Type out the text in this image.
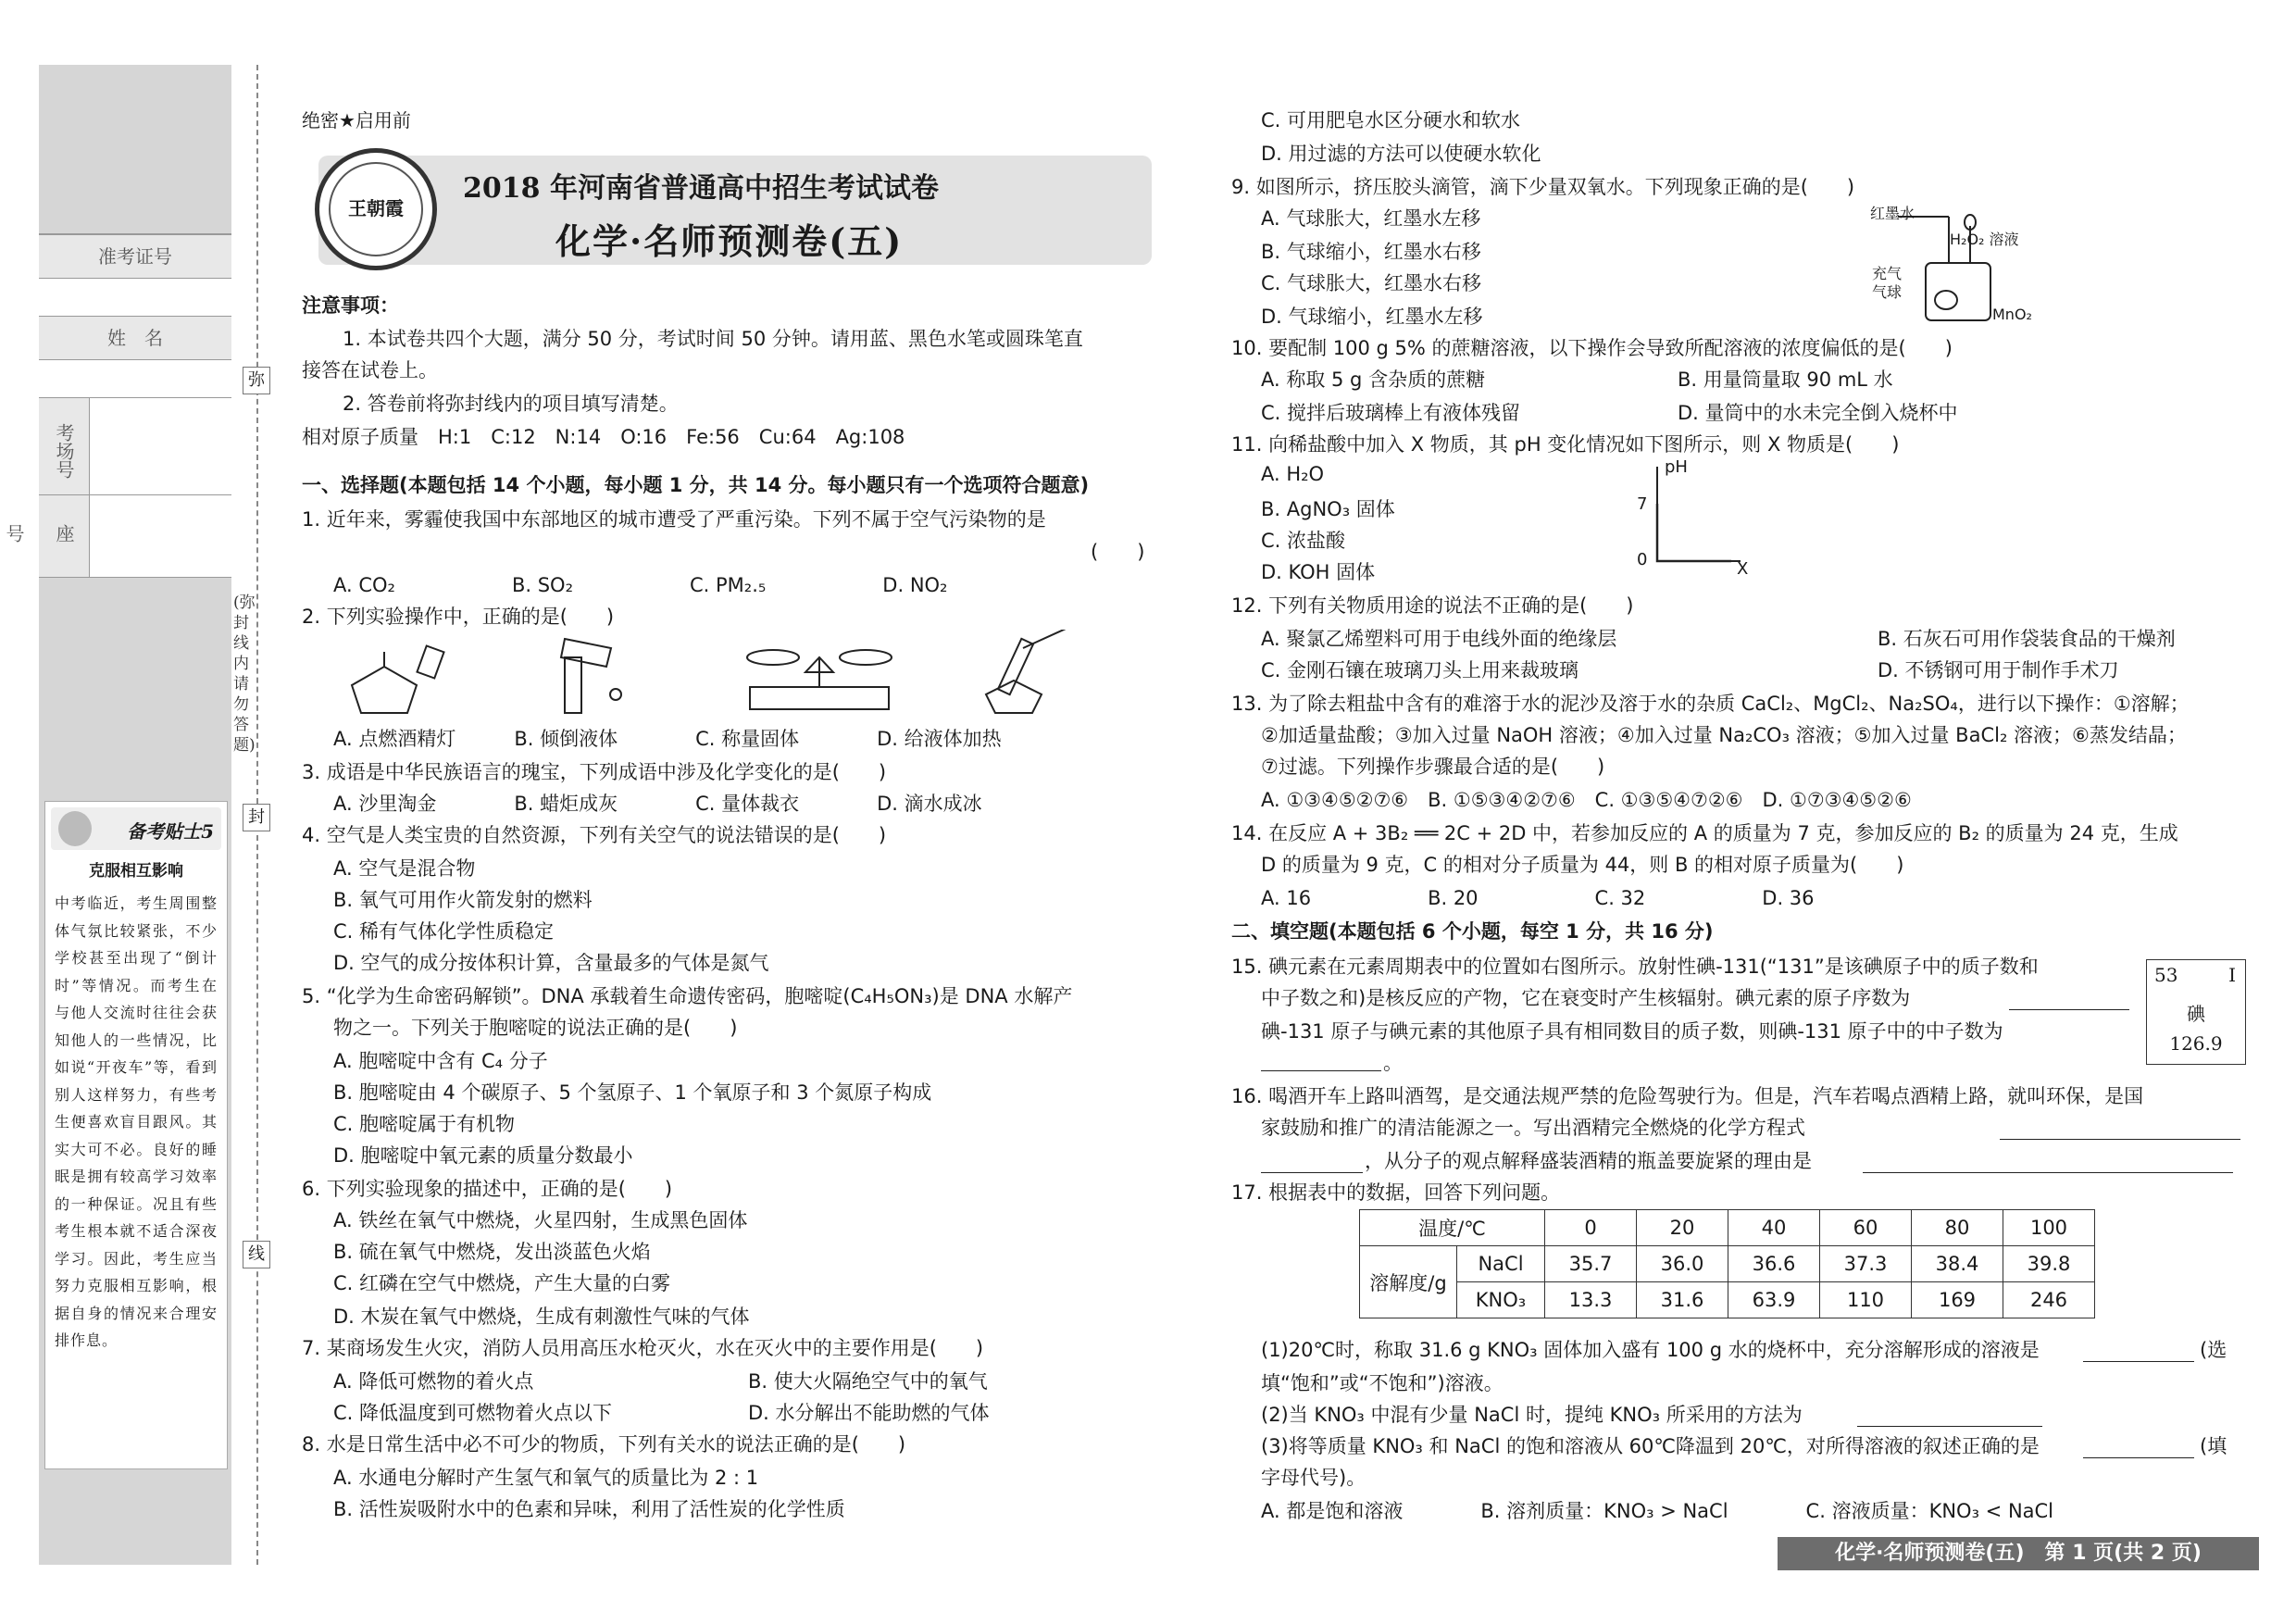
弥
封
线
(弥封线内请勿答题)
准考证号
姓　名
考场号
座号
备考贴士5
克服相互影响
中考临近，考生周围整体气氛比较紧张，不少学校甚至出现了“倒计时”等情况。而考生在与他人交流时往往会获知他人的一些情况，比如说“开夜车”等，看到别人这样努力，有些考生便喜欢盲目跟风。其实大可不必。良好的睡眠是拥有较高学习效率的一种保证。况且有些考生根本就不适合深夜学习。因此，考生应当努力克服相互影响，根据自身的情况来合理安排作息。
绝密★启用前
王朝霞
2018 年河南省普通高中招生考试试卷
化学·名师预测卷(五)
注意事项：
1. 本试卷共四个大题，满分 50 分，考试时间 50 分钟。请用蓝、黑色水笔或圆珠笔直
接答在试卷上。
2. 答卷前将弥封线内的项目填写清楚。
相对原子质量　H:1　C:12　N:14　O:16　Fe:56　Cu:64　Ag:108
一、选择题(本题包括 14 个小题，每小题 1 分，共 14 分。每小题只有一个选项符合题意)
1. 近年来，雾霾使我国中东部地区的城市遭受了严重污染。下列不属于空气污染物的是
(　　)
A. CO₂　　　　　　B. SO₂　　　　　　C. PM₂.₅　　　　　　D. NO₂
2. 下列实验操作中，正确的是(　　)
A. 点燃酒精灯　　　B. 倾倒液体　　　　C. 称量固体　　　　D. 给液体加热
3. 成语是中华民族语言的瑰宝，下列成语中涉及化学变化的是(　　)
A. 沙里淘金　　　　B. 蜡炬成灰　　　　C. 量体裁衣　　　　D. 滴水成冰
4. 空气是人类宝贵的自然资源，下列有关空气的说法错误的是(　　)
A. 空气是混合物
B. 氧气可用作火箭发射的燃料
C. 稀有气体化学性质稳定
D. 空气的成分按体积计算，含量最多的气体是氮气
5. “化学为生命密码解锁”。DNA 承载着生命遗传密码，胞嘧啶(C₄H₅ON₃)是 DNA 水解产
物之一。下列关于胞嘧啶的说法正确的是(　　)
A. 胞嘧啶中含有 C₄ 分子
B. 胞嘧啶由 4 个碳原子、5 个氢原子、1 个氧原子和 3 个氮原子构成
C. 胞嘧啶属于有机物
D. 胞嘧啶中氧元素的质量分数最小
6. 下列实验现象的描述中，正确的是(　　)
A. 铁丝在氧气中燃烧，火星四射，生成黑色固体
B. 硫在氧气中燃烧，发出淡蓝色火焰
C. 红磷在空气中燃烧，产生大量的白雾
D. 木炭在氧气中燃烧，生成有刺激性气味的气体
7. 某商场发生火灾，消防人员用高压水枪灭火，水在灭火中的主要作用是(　　)
A. 降低可燃物的着火点	B. 使大火隔绝空气中的氧气
C. 降低温度到可燃物着火点以下	D. 水分解出不能助燃的气体
8. 水是日常生活中必不可少的物质，下列有关水的说法正确的是(　　)
A. 水通电分解时产生氢气和氧气的质量比为 2 : 1
B. 活性炭吸附水中的色素和异味，利用了活性炭的化学性质
C. 可用肥皂水区分硬水和软水
D. 用过滤的方法可以使硬水软化
9. 如图所示，挤压胶头滴管，滴下少量双氧水。下列现象正确的是(　　)
A. 气球胀大，红墨水左移
B. 气球缩小，红墨水右移
C. 气球胀大，红墨水右移
D. 气球缩小，红墨水左移
红墨水
H₂O₂ 溶液
充气气球
MnO₂
10. 要配制 100 g 5% 的蔗糖溶液，以下操作会导致所配溶液的浓度偏低的是(　　)
A. 称取 5 g 含杂质的蔗糖	B. 用量筒量取 90 mL 水
C. 搅拌后玻璃棒上有液体残留	D. 量筒中的水未完全倒入烧杯中
11. 向稀盐酸中加入 X 物质，其 pH 变化情况如下图所示，则 X 物质是(　　)
A. H₂O
B. AgNO₃ 固体
C. 浓盐酸
D. KOH 固体
pH
7
0	X
12. 下列有关物质用途的说法不正确的是(　　)
A. 聚氯乙烯塑料可用于电线外面的绝缘层	B. 石灰石可用作袋装食品的干燥剂
C. 金刚石镶在玻璃刀头上用来裁玻璃	D. 不锈钢可用于制作手术刀
13. 为了除去粗盐中含有的难溶于水的泥沙及溶于水的杂质 CaCl₂、MgCl₂、Na₂SO₄，进行以下操作：①溶解；
②加适量盐酸；③加入过量 NaOH 溶液；④加入过量 Na₂CO₃ 溶液；⑤加入过量 BaCl₂ 溶液；⑥蒸发结晶；
⑦过滤。下列操作步骤最合适的是(　　)
A. ①③④⑤②⑦⑥　B. ①⑤③④②⑦⑥　C. ①③⑤④⑦②⑥　D. ①⑦③④⑤②⑥
14. 在反应 A + 3B₂ ══ 2C + 2D 中，若参加反应的 A 的质量为 7 克，参加反应的 B₂ 的质量为 24 克，生成
D 的质量为 9 克，C 的相对分子质量为 44，则 B 的相对原子质量为(　　)
A. 16　　　　　　B. 20　　　　　　C. 32　　　　　　D. 36
二、填空题(本题包括 6 个小题，每空 1 分，共 16 分)
15. 碘元素在元素周期表中的位置如右图所示。放射性碘-131(“131”是该碘原子中的质子数和
中子数之和)是核反应的产物，它在衰变时产生核辐射。碘元素的原子序数为
碘-131 原子与碘元素的其他原子具有相同数目的质子数，则碘-131 原子中的中子数为
。
53	I
碘
126.9
16. 喝酒开车上路叫酒驾，是交通法规严禁的危险驾驶行为。但是，汽车若喝点酒精上路，就叫环保，是国
家鼓励和推广的清洁能源之一。写出酒精完全燃烧的化学方程式
，从分子的观点解释盛装酒精的瓶盖要旋紧的理由是
17. 根据表中的数据，回答下列问题。
温度/℃		0	20	40	60	80	100
溶解度/g	NaCl	35.7	36.0	36.6	37.3	38.4	39.8
	KNO₃	13.3	31.6	63.9	110	169	246
(1)20℃时，称取 31.6 g KNO₃ 固体加入盛有 100 g 水的烧杯中，充分溶解形成的溶液是	(选
填“饱和”或“不饱和”)溶液。
(2)当 KNO₃ 中混有少量 NaCl 时，提纯 KNO₃ 所采用的方法为
(3)将等质量 KNO₃ 和 NaCl 的饱和溶液从 60℃降温到 20℃，对所得溶液的叙述正确的是	(填
字母代号)。
A. 都是饱和溶液　　　　B. 溶剂质量：KNO₃ > NaCl　　　　C. 溶液质量：KNO₃ < NaCl
化学·名师预测卷(五)　第 1 页(共 2 页)
